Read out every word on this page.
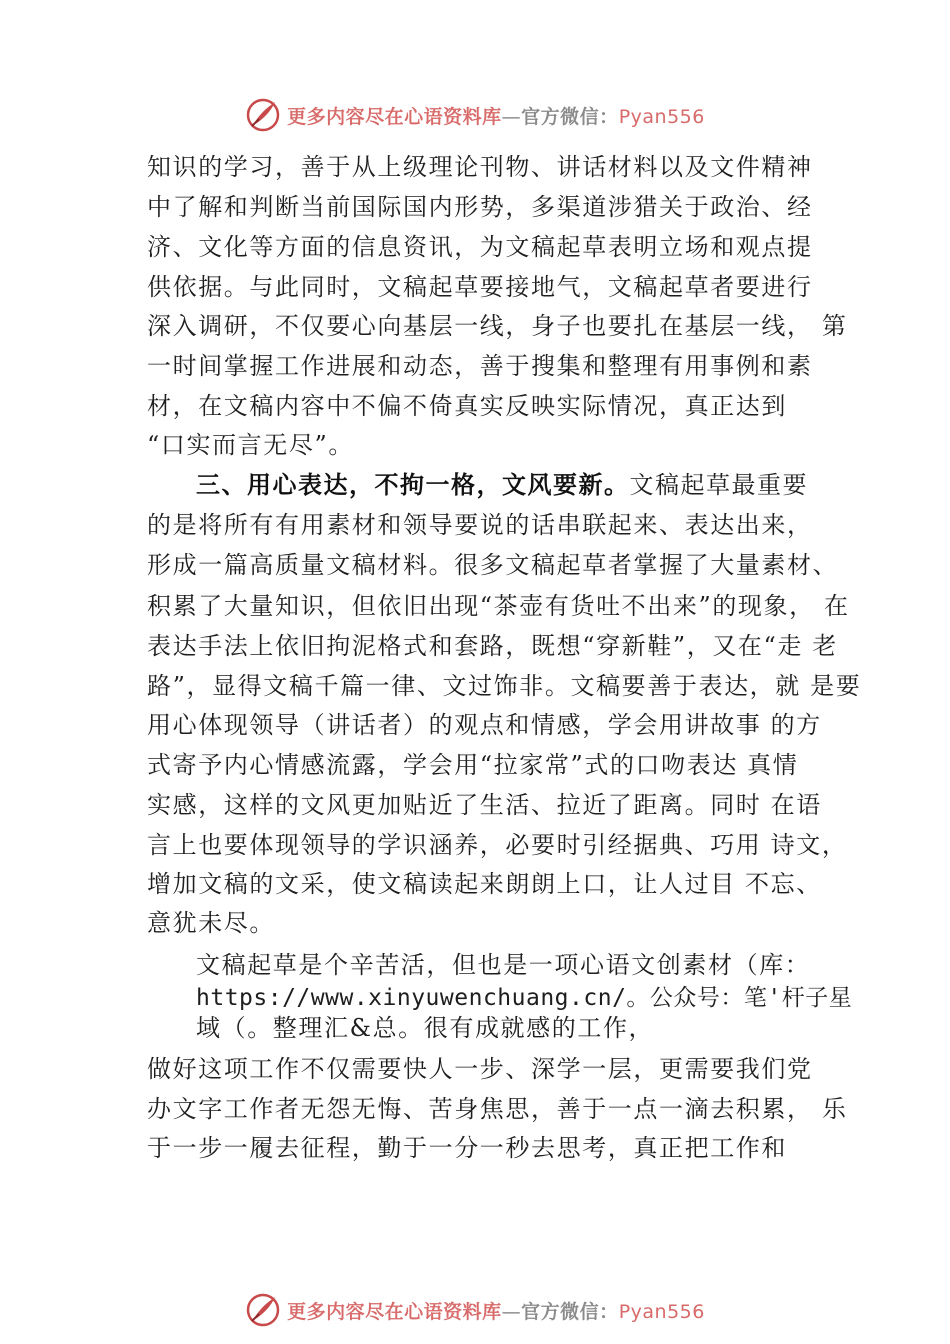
更多内容尽在心语资料库—官方微信：Pyan556
知识的学习，善于从上级理论刊物、讲话材料以及文件精神
中了解和判断当前国际国内形势，多渠道涉猎关于政治、经
济、文化等方面的信息资讯，为文稿起草表明立场和观点提
供依据。与此同时，文稿起草要接地气，文稿起草者要进行
深入调研，不仅要心向基层一线，身子也要扎在基层一线， 第
一时间掌握工作进展和动态，善于搜集和整理有用事例和素
材，在文稿内容中不偏不倚真实反映实际情况，真正达到
“口实而言无尽”。
三、用心表达，不拘一格，文风要新。文稿起草最重要
的是将所有有用素材和领导要说的话串联起来、表达出来，
形成一篇高质量文稿材料。很多文稿起草者掌握了大量素材、
积累了大量知识，但依旧出现“茶壶有货吐不出来”的现象， 在
表达手法上依旧拘泥格式和套路，既想“穿新鞋”，又在“走 老
路”，显得文稿千篇一律、文过饰非。文稿要善于表达，就 是要
用心体现领导（讲话者）的观点和情感，学会用讲故事 的方
式寄予内心情感流露，学会用“拉家常”式的口吻表达 真情
实感，这样的文风更加贴近了生活、拉近了距离。同时 在语
言上也要体现领导的学识涵养，必要时引经据典、巧用 诗文，
增加文稿的文采，使文稿读起来朗朗上口，让人过目 不忘、
意犹未尽。
文稿起草是个辛苦活，但也是一项心语文创素材（库：
https://www.xinyuwenchuang.cn/。公众号：笔'杆子星
域（。整理汇&总。很有成就感的工作，
做好这项工作不仅需要快人一步、深学一层，更需要我们党
办文字工作者无怨无悔、苦身焦思，善于一点一滴去积累， 乐
于一步一履去征程，勤于一分一秒去思考，真正把工作和
更多内容尽在心语资料库—官方微信：Pyan556
